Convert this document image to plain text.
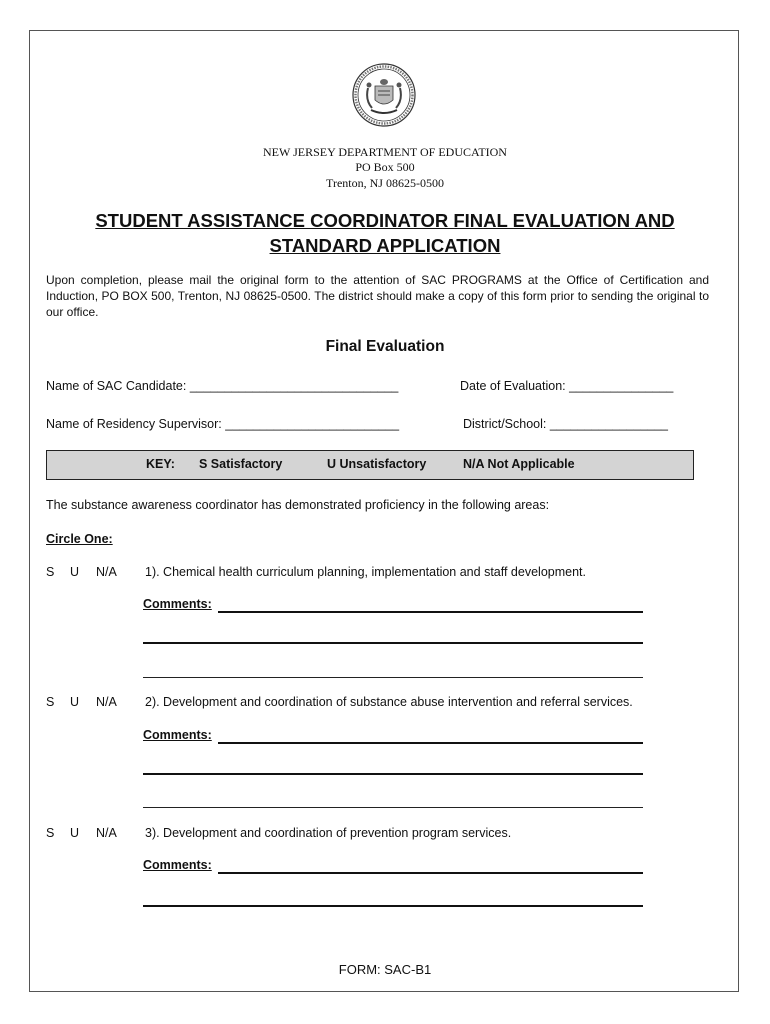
NEW JERSEY DEPARTMENT OF EDUCATION
PO Box 500
Trenton, NJ 08625-0500
STUDENT ASSISTANCE COORDINATOR FINAL EVALUATION AND
STANDARD APPLICATION
Upon completion, please mail the original form to the attention of SAC PROGRAMS at the Office of Certification and Induction, PO BOX 500, Trenton, NJ 08625-0500. The district should make a copy of this form prior to sending the original to our office.
Final Evaluation
Name of SAC Candidate: ______________________________	Date of Evaluation: _______________
Name of Residency Supervisor: _________________________	District/School: _________________
KEY: S Satisfactory	U Unsatisfactory	N/A Not Applicable
The substance awareness coordinator has demonstrated proficiency in the following areas:
Circle One:
S U N/A 1). Chemical health curriculum planning, implementation and staff development.
Comments:
S U N/A 2). Development and coordination of substance abuse intervention and referral services.
Comments:
S U N/A 3). Development and coordination of prevention program services.
Comments:
FORM: SAC-B1
